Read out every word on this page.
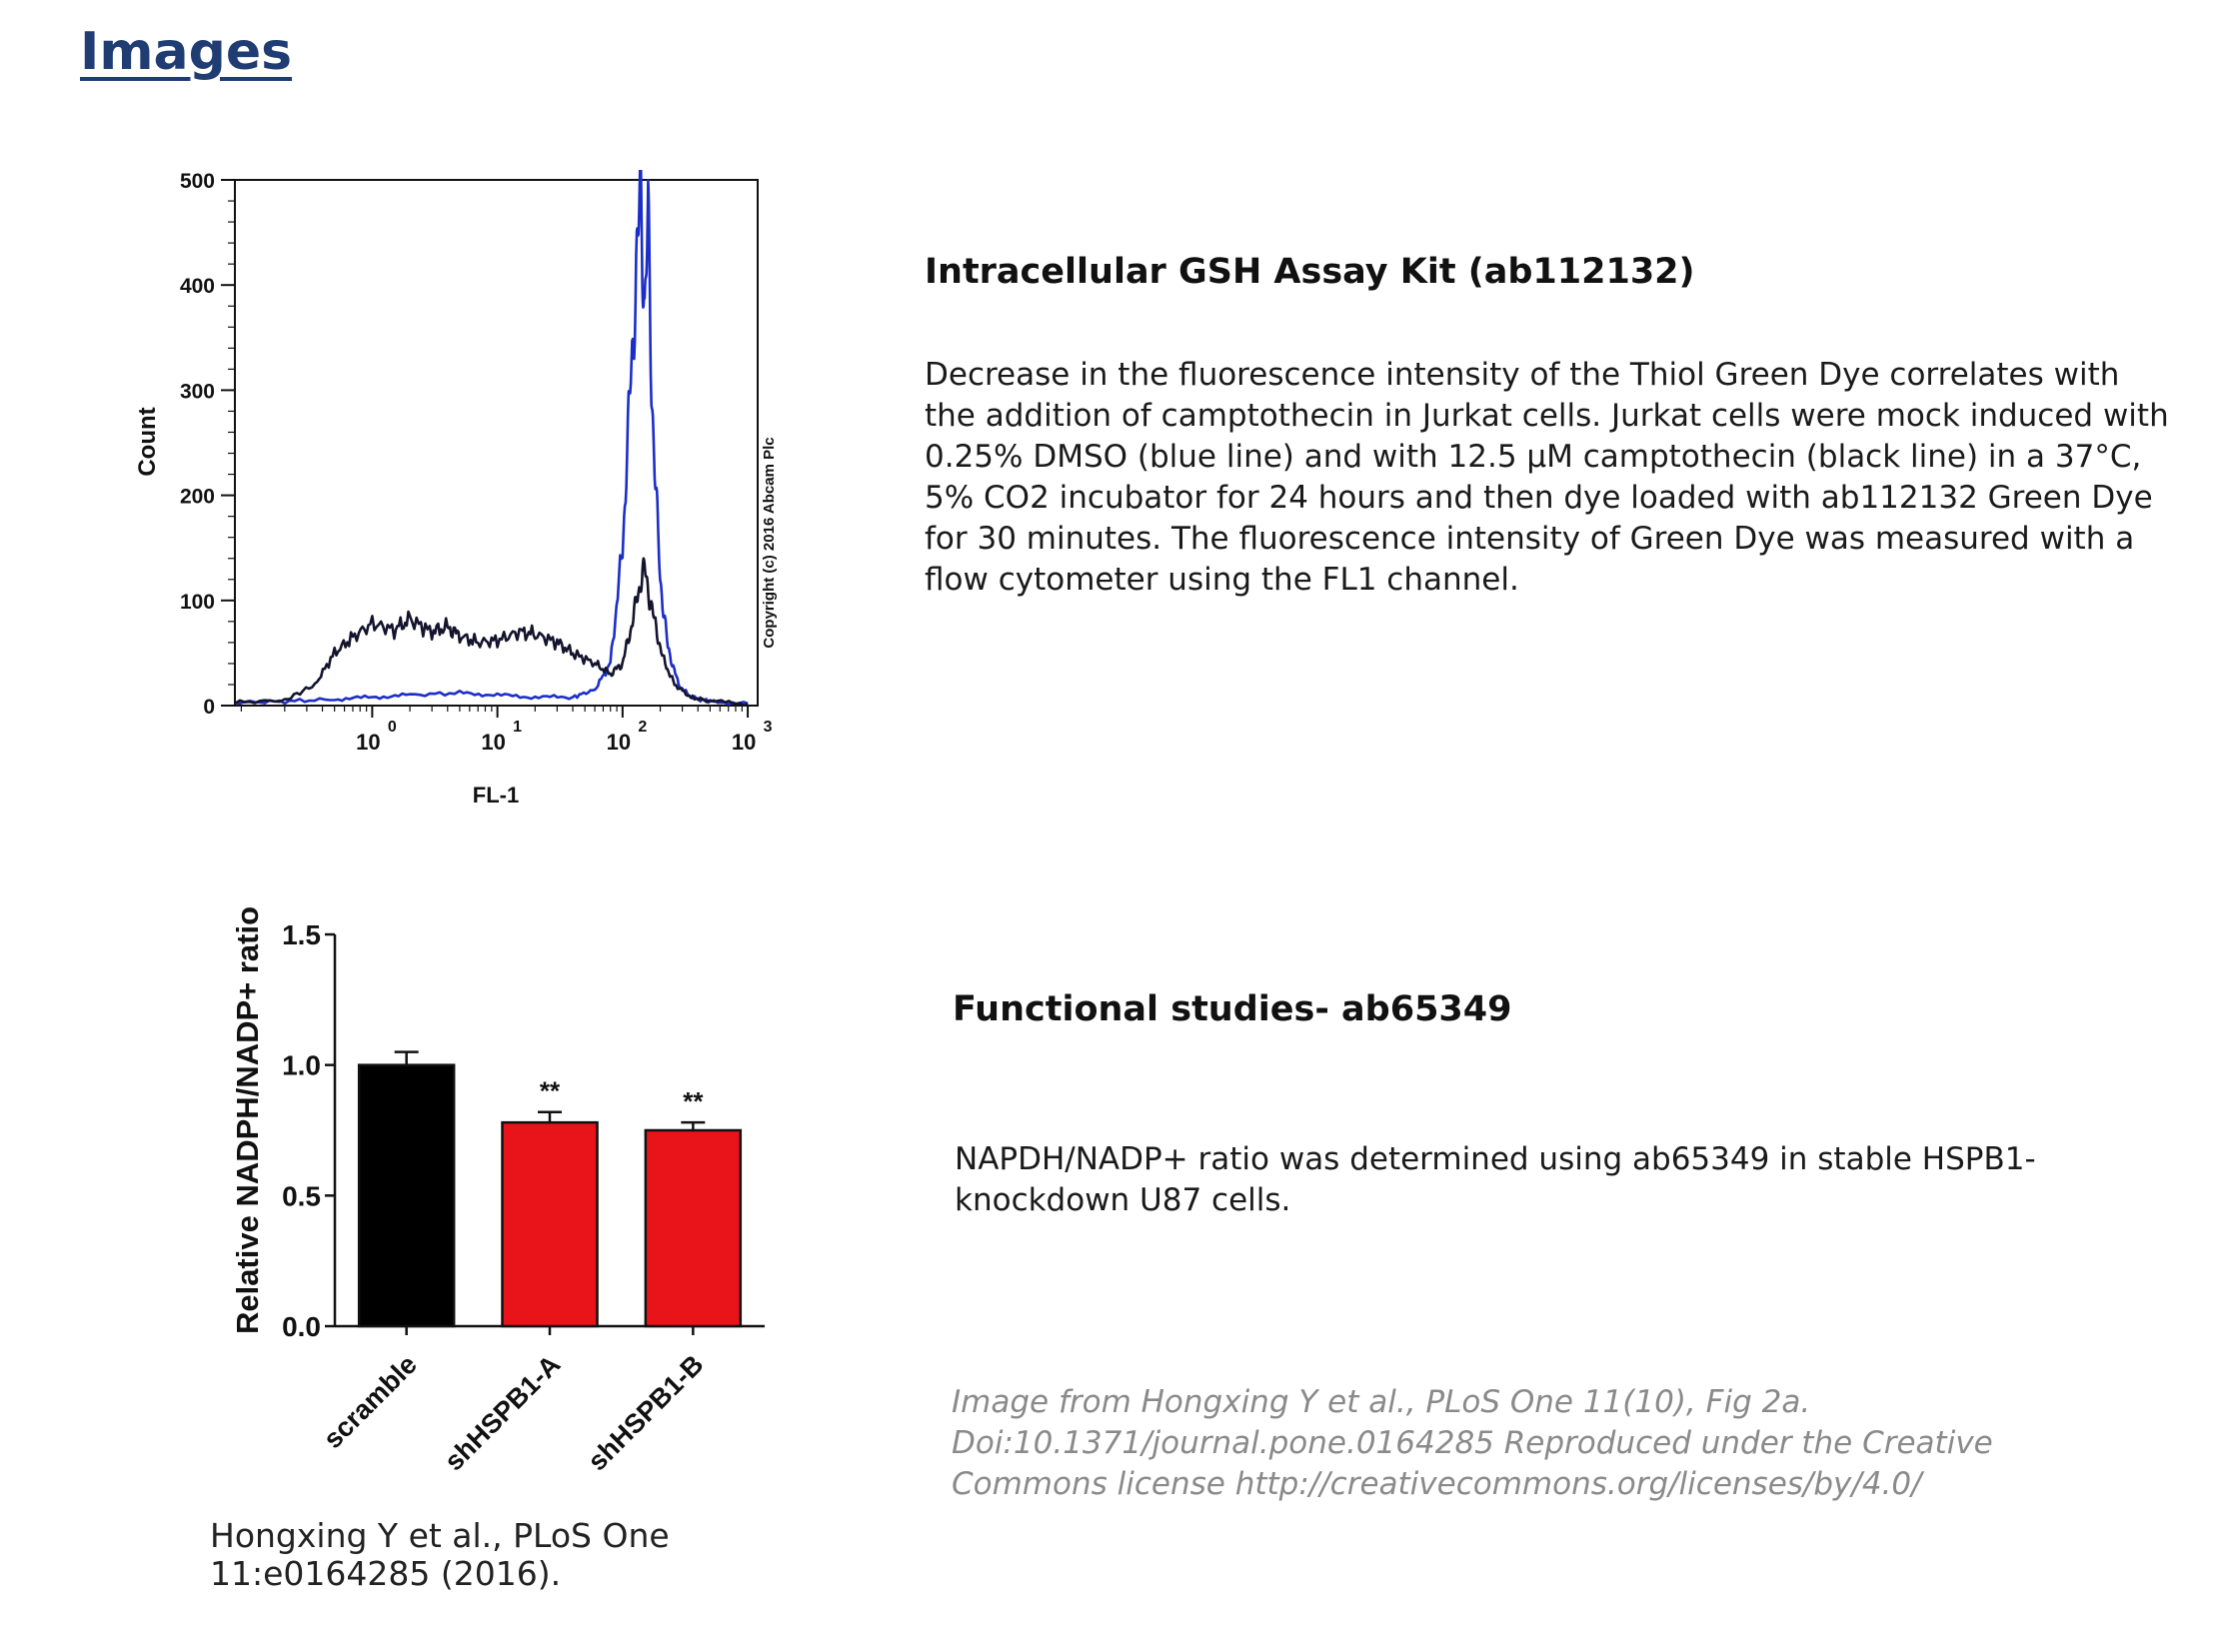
Images
Count
FL-1
Copyright (c) 2016 Abcam Plc
0
100
200
300
400
500
10
0
10
1
10
2
10
3
Relative NADPH/NADP+ ratio 0.0
0.5
1.0
1.5
scramble
**
shHSPB1-A
**
shHSPB1-B
Hongxing Y et al., PLoS One 11:e0164285 (2016).
Intracellular GSH Assay Kit (ab112132)

Decrease in the fluorescence intensity of the Thiol Green Dye correlates with the addition of camptothecin in Jurkat cells. Jurkat cells were mock induced with 0.25% DMSO (blue line) and with 12.5 µM camptothecin (black line) in a 37°C, 5% CO2 incubator for 24 hours and then dye loaded with ab112132 Green Dye for 30 minutes. The fluorescence intensity of Green Dye was measured with a flow cytometer using the FL1 channel.

Functional studies- ab65349

NAPDH/NADP+ ratio was determined using ab65349 in stable HSPB1-knockdown U87 cells.

Image from Hongxing Y et al., PLoS One 11(10), Fig 2a. Doi:10.1371/journal.pone.0164285 Reproduced under the Creative Commons license http://creativecommons.org/licenses/by/4.0/
